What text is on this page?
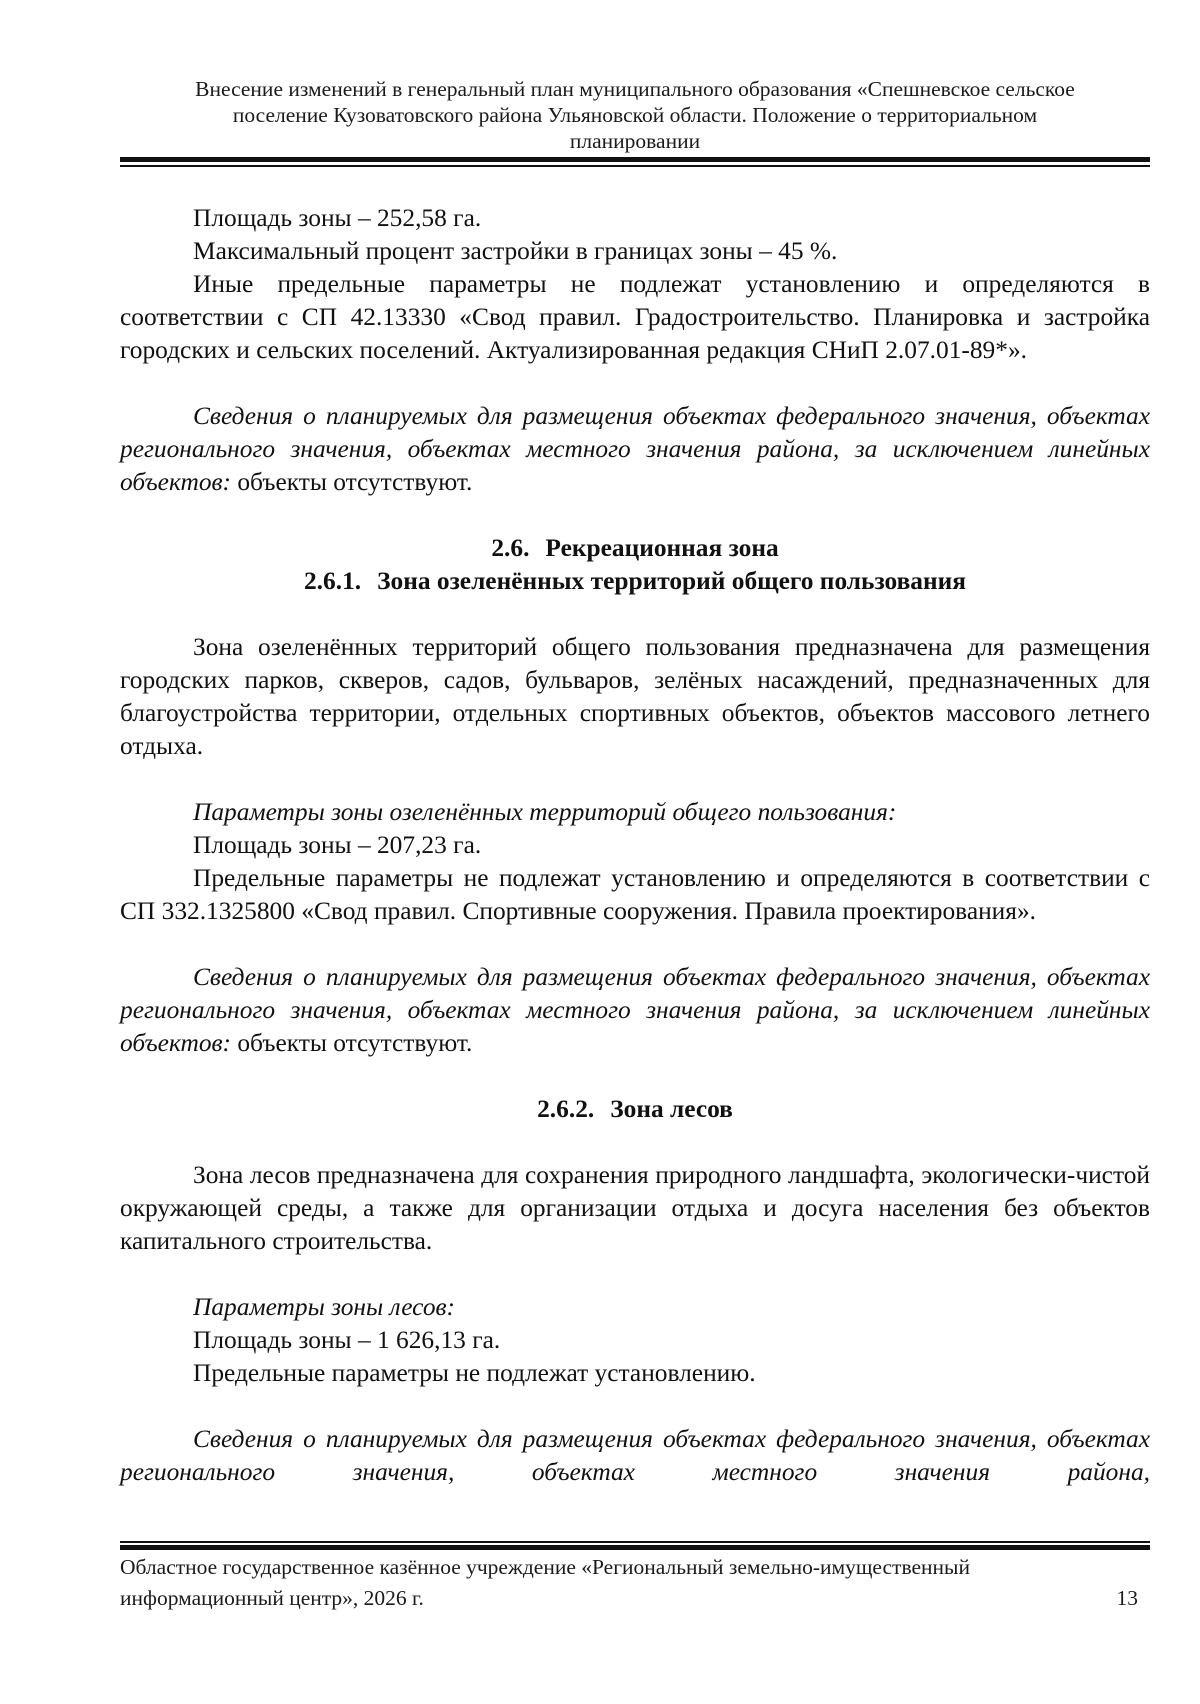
Внесение изменений в генеральный план муниципального образования «Спешневское сельское
поселение Кузоватовского района Ульяновской области. Положение о территориальном
планировании

Площадь зоны – 252,58 га.

Максимальный процент застройки в границах зоны – 45 %.

Иные предельные параметры не подлежат установлению и определяются в соответствии с СП 42.13330 «Свод правил. Градостроительство. Планировка и застройка городских и сельских поселений. Актуализированная редакция СНиП 2.07.01-89*».

Сведения о планируемых для размещения объектах федерального значения, объектах регионального значения, объектах местного значения района, за исключением линейных объектов: объекты отсутствуют.

2.6. Рекреационная зона
2.6.1. Зона озеленённых территорий общего пользования

Зона озеленённых территорий общего пользования предназначена для размещения городских парков, скверов, садов, бульваров, зелёных насаждений, предназначенных для благоустройства территории, отдельных спортивных объектов, объектов массового летнего отдыха.

Параметры зоны озеленённых территорий общего пользования:

Площадь зоны – 207,23 га.

Предельные параметры не подлежат установлению и определяются в соответствии с СП 332.1325800 «Свод правил. Спортивные сооружения. Правила проектирования».

Сведения о планируемых для размещения объектах федерального значения, объектах регионального значения, объектах местного значения района, за исключением линейных объектов: объекты отсутствуют.

2.6.2. Зона лесов

Зона лесов предназначена для сохранения природного ландшафта, экологически-чистой окружающей среды, а также для организации отдыха и досуга населения без объектов капитального строительства.

Параметры зоны лесов:

Площадь зоны – 1 626,13 га.

Предельные параметры не подлежат установлению.

Сведения о планируемых для размещения объектах федерального значения, объектах регионального значения, объектах местного значения района,

Областное государственное казённое учреждение «Региональный земельно-имущественный
информационный центр», 2026 г.	13
